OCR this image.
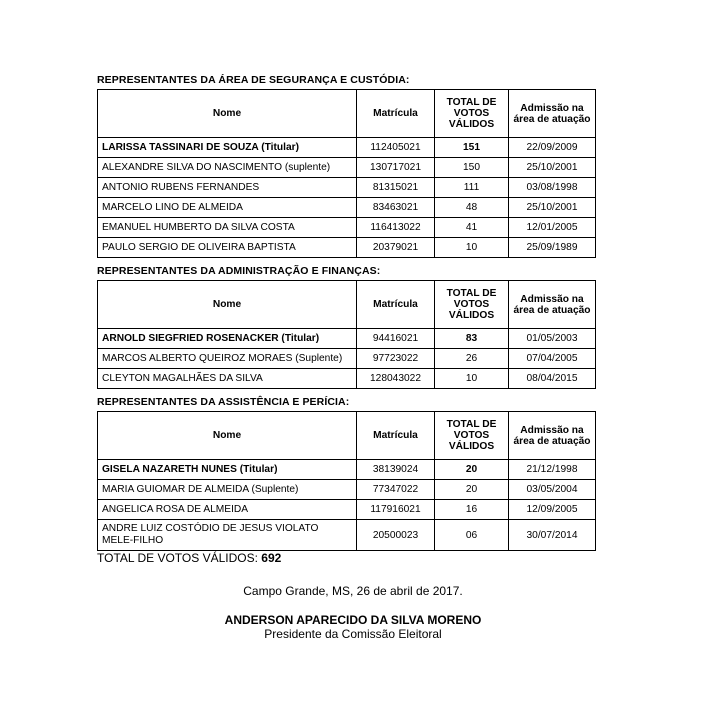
REPRESENTANTES DA ÁREA DE SEGURANÇA E CUSTÓDIA:
Nome	Matrícula	TOTAL DE VOTOS VÁLIDOS	Admissão na área de atuação
LARISSA TASSINARI DE SOUZA (Titular)	112405021	151	22/09/2009
ALEXANDRE SILVA DO NASCIMENTO (suplente)	130717021	150	25/10/2001
ANTONIO RUBENS FERNANDES	81315021	111	03/08/1998
MARCELO LINO DE ALMEIDA	83463021	48	25/10/2001
EMANUEL HUMBERTO DA SILVA COSTA	116413022	41	12/01/2005
PAULO SERGIO DE OLIVEIRA BAPTISTA	20379021	10	25/09/1989
REPRESENTANTES DA ADMINISTRAÇÃO E FINANÇAS:
Nome	Matrícula	TOTAL DE VOTOS VÁLIDOS	Admissão na área de atuação
ARNOLD SIEGFRIED ROSENACKER (Titular)	94416021	83	01/05/2003
MARCOS ALBERTO QUEIROZ MORAES (Suplente)	97723022	26	07/04/2005
CLEYTON MAGALHÃES DA SILVA	128043022	10	08/04/2015
REPRESENTANTES DA ASSISTÊNCIA E PERÍCIA:
Nome	Matrícula	TOTAL DE VOTOS VÁLIDOS	Admissão na área de atuação
GISELA NAZARETH NUNES (Titular)	38139024	20	21/12/1998
MARIA GUIOMAR DE ALMEIDA (Suplente)	77347022	20	03/05/2004
ANGELICA ROSA DE ALMEIDA	117916021	16	12/09/2005
ANDRE LUIZ COSTÓDIO DE JESUS VIOLATO MELE-FILHO	20500023	06	30/07/2014
TOTAL DE VOTOS VÁLIDOS: 692
Campo Grande, MS, 26 de abril de 2017.
ANDERSON APARECIDO DA SILVA MORENO
Presidente da Comissão Eleitoral
